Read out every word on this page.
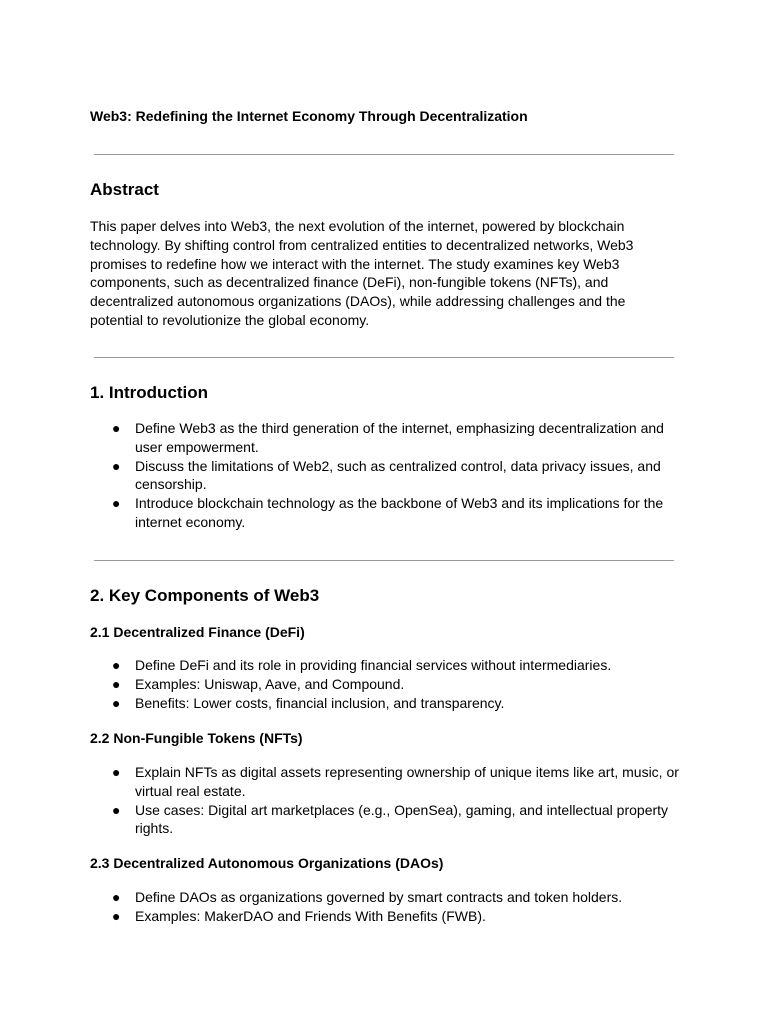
Web3: Redefining the Internet Economy Through Decentralization
Abstract

This paper delves into Web3, the next evolution of the internet, powered by blockchain technology. By shifting control from centralized entities to decentralized networks, Web3 promises to redefine how we interact with the internet. The study examines key Web3 components, such as decentralized finance (DeFi), non-fungible tokens (NFTs), and decentralized autonomous organizations (DAOs), while addressing challenges and the potential to revolutionize the global economy.

1. Introduction
● Define Web3 as the third generation of the internet, emphasizing decentralization and user empowerment.
● Discuss the limitations of Web2, such as centralized control, data privacy issues, and censorship.
● Introduce blockchain technology as the backbone of Web3 and its implications for the internet economy.
2. Key Components of Web3
2.1 Decentralized Finance (DeFi)
● Define DeFi and its role in providing financial services without intermediaries.
● Examples: Uniswap, Aave, and Compound.
● Benefits: Lower costs, financial inclusion, and transparency.
2.2 Non-Fungible Tokens (NFTs)
● Explain NFTs as digital assets representing ownership of unique items like art, music, or virtual real estate.
● Use cases: Digital art marketplaces (e.g., OpenSea), gaming, and intellectual property rights.
2.3 Decentralized Autonomous Organizations (DAOs)
● Define DAOs as organizations governed by smart contracts and token holders.
● Examples: MakerDAO and Friends With Benefits (FWB).
